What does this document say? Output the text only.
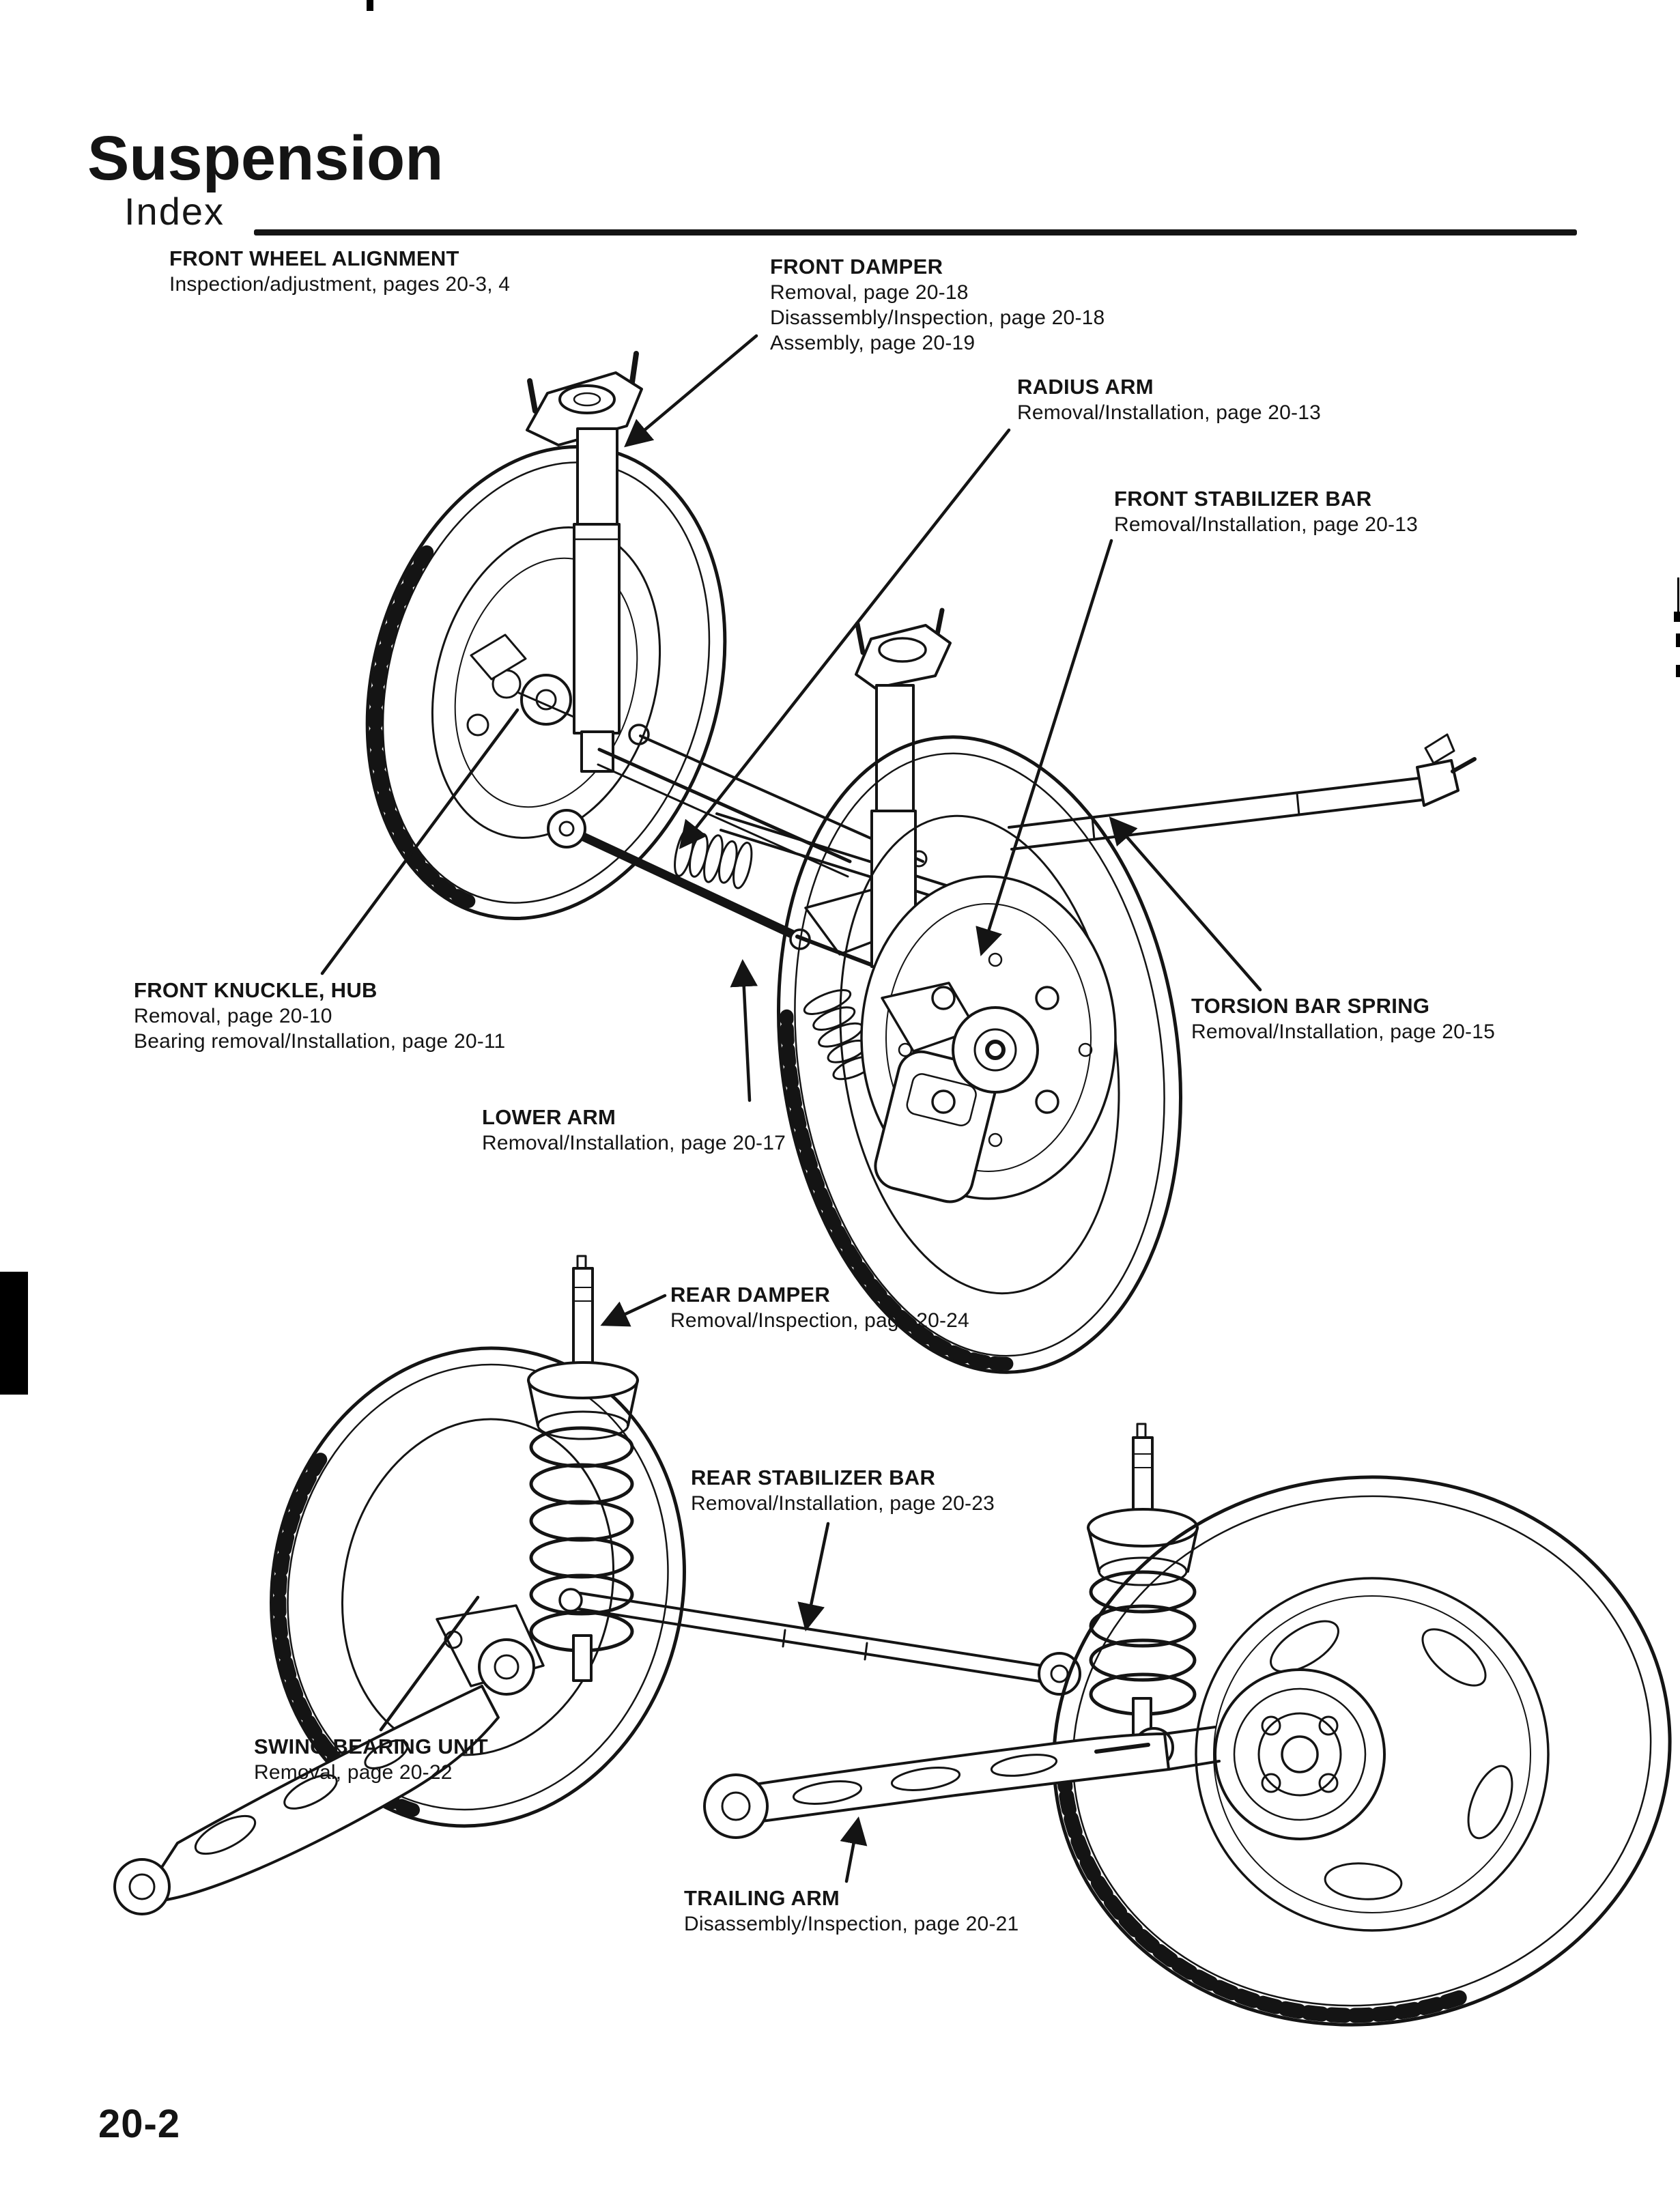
Suspension
Index
FRONT WHEEL ALIGNMENT
Inspection/adjustment, pages 20-3, 4
FRONT DAMPER
Removal, page 20-18
Disassembly/Inspection, page 20-18
Assembly, page 20-19
RADIUS ARM
Removal/Installation, page 20-13
FRONT STABILIZER BAR
Removal/Installation, page 20-13
FRONT KNUCKLE, HUB
Removal, page 20-10
Bearing removal/Installation, page 20-11
LOWER ARM
Removal/Installation, page 20-17
TORSION BAR SPRING
Removal/Installation, page 20-15
REAR DAMPER
Removal/Inspection, page 20-24
REAR STABILIZER BAR
Removal/Installation, page 20-23
SWING BEARING UNIT
Removal, page 20-22
TRAILING ARM
Disassembly/Inspection, page 20-21
20-2
